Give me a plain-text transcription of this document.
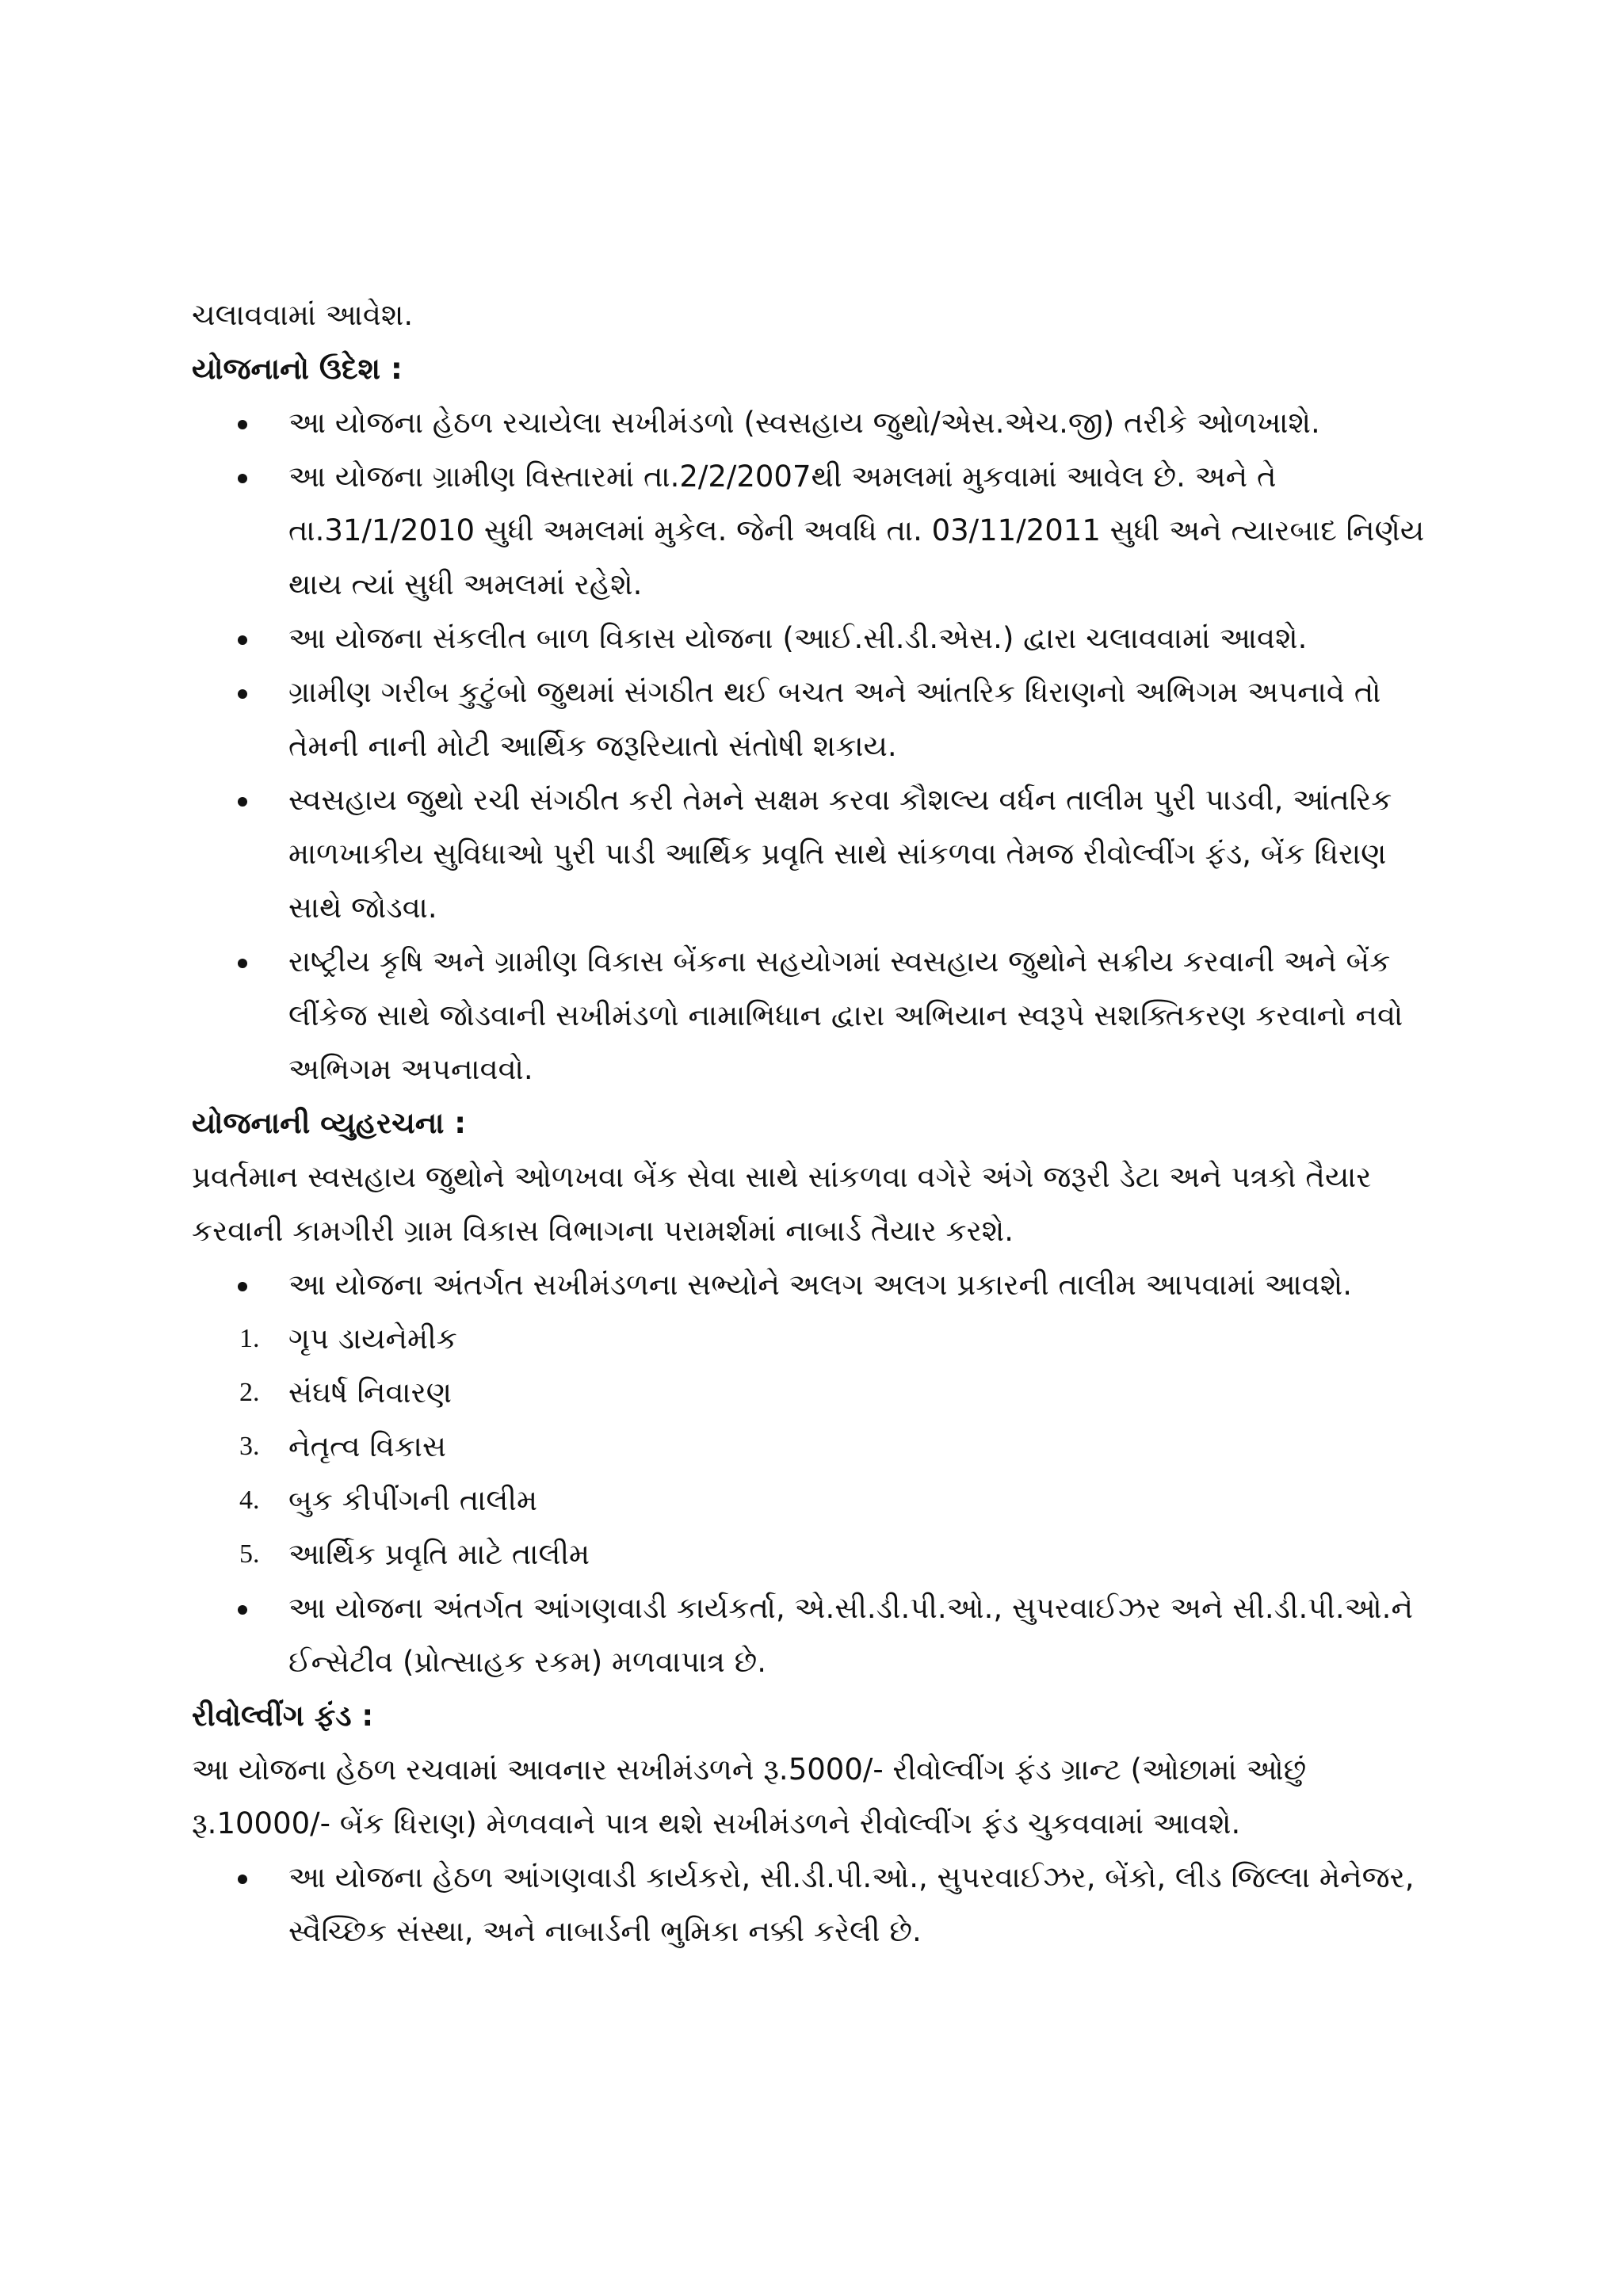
ચલાવવામાં આવેશ.

યોજનાનો ઉદેશ :

આ યોજના હેઠળ રચાયેલા સખીમંડળો (સ્વસહાય જુથો/એસ.એચ.જી) તરીકે ઓળખાશે.
આ યોજના ગ્રામીણ વિસ્તારમાં તા.2/2/2007થી અમલમાં મુકવામાં આવેલ છે. અને તે તા.31/1/2010 સુધી અમલમાં મુકેલ. જેની અવધિ તા. 03/11/2011 સુધી અને ત્યારબાદ નિર્ણય થાય ત્યાં સુધી અમલમાં રહેશે.
આ યોજના સંકલીત બાળ વિકાસ યોજના (આઈ.સી.ડી.એસ.) દ્વારા ચલાવવામાં આવશે.
ગ્રામીણ ગરીબ કુટુંબો જુથમાં સંગઠીત થઈ બચત અને આંતરિક ધિરાણનો અભિગમ અપનાવે તો તેમની નાની મોટી આર્થિક જરૂરિયાતો સંતોષી શકાય.
સ્વસહાય જુથો રચી સંગઠીત કરી તેમને સક્ષમ કરવા કૌશલ્ય વર્ધન તાલીમ પુરી પાડવી, આંતરિક માળખાકીય સુવિધાઓ પુરી પાડી આર્થિક પ્રવૃતિ સાથે સાંકળવા તેમજ રીવોલ્વીંગ ફંડ, બેંક ધિરાણ સાથે જોડવા.
રાષ્ટ્રીય કૃષિ અને ગ્રામીણ વિકાસ બેંકના સહયોગમાં સ્વસહાય જુથોને સક્રીય કરવાની અને બેંક લીંકેજ સાથે જોડવાની સખીમંડળો નામાભિધાન દ્વારા અભિયાન સ્વરૂપે સશક્તિકરણ કરવાનો નવો અભિગમ અપનાવવો.

યોજનાની વ્યુહરચના :

પ્રવર્તમાન સ્વસહાય જુથોને ઓળખવા બેંક સેવા સાથે સાંકળવા વગેરે અંગે જરૂરી ડેટા અને પત્રકો તૈયાર કરવાની કામગીરી ગ્રામ વિકાસ વિભાગના પરામર્શમાં નાબાર્ડ તૈયાર કરશે.

આ યોજના અંતર્ગત સખીમંડળના સભ્યોને અલગ અલગ પ્રકારની તાલીમ આપવામાં આવશે.
1. ગૃપ ડાયનેમીક
2. સંઘર્ષ નિવારણ
3. નેતૃત્વ વિકાસ
4. બુક કીપીંગની તાલીમ
5. આર્થિક પ્રવૃતિ માટે તાલીમ
આ યોજના અંતર્ગત આંગણવાડી કાર્યકર્તા, એ.સી.ડી.પી.ઓ., સુપરવાઈઝર અને સી.ડી.પી.ઓ.ને ઈન્સેટીવ (પ્રોત્સાહક રકમ) મળવાપાત્ર છે.

રીવોલ્વીંગ ફંડ :

આ યોજના હેઠળ રચવામાં આવનાર સખીમંડળને રૂ.5000/- રીવોલ્વીંગ ફંડ ગ્રાન્ટ (ઓછામાં ઓછું રૂ.10000/- બેંક ધિરાણ) મેળવવાને પાત્ર થશે સખીમંડળને રીવોલ્વીંગ ફંડ ચુકવવામાં આવશે.

આ યોજના હેઠળ આંગણવાડી કાર્યકરો, સી.ડી.પી.ઓ., સુપરવાઈઝર, બેંકો, લીડ જિલ્લા મેનેજર, સ્વૈચ્છિક સંસ્થા, અને નાબાર્ડની ભુમિકા નક્કી કરેલી છે.
